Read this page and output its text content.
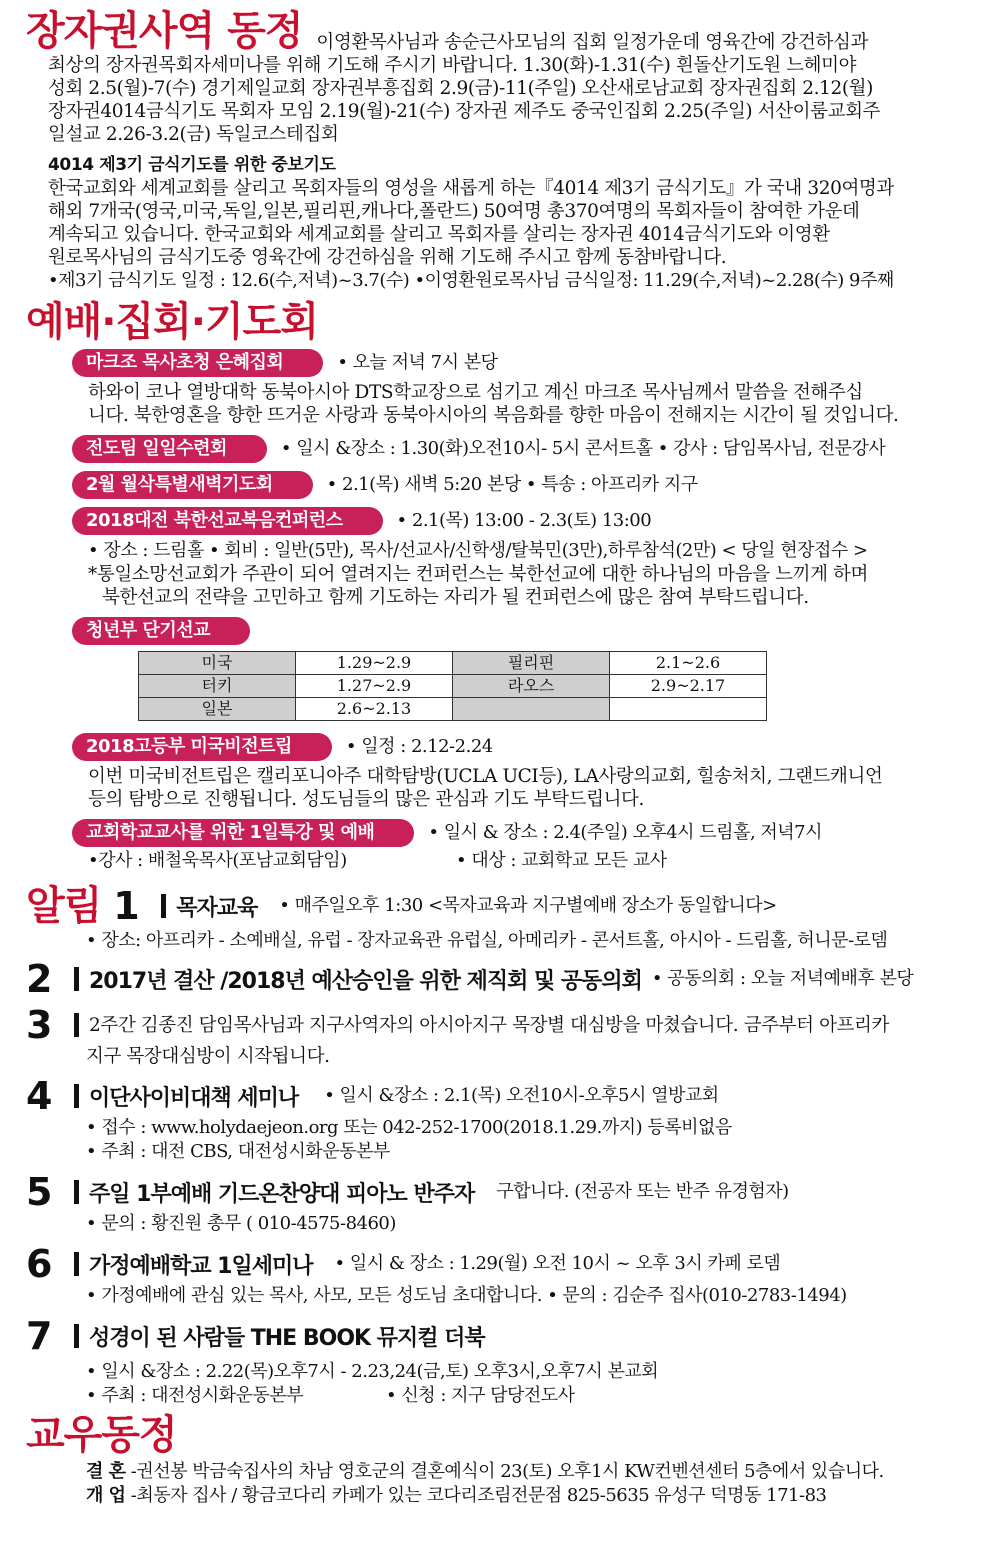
장자권사역 동정 이영환목사님과 송순근사모님의 집회 일정가운데 영육간에 강건하심과
최상의 장자권목회자세미나를 위해 기도해 주시기 바랍니다. 1.30(화)-1.31(수) 흰돌산기도원 느헤미야
성회 2.5(월)-7(수) 경기제일교회 장자권부흥집회 2.9(금)-11(주일) 오산새로남교회 장자권집회 2.12(월)
장자권4014금식기도 목회자 모임 2.19(월)-21(수) 장자권 제주도 중국인집회 2.25(주일) 서산이룸교회주
일설교 2.26-3.2(금) 독일코스테집회
4014 제3기 금식기도를 위한 중보기도
한국교회와 세계교회를 살리고 목회자들의 영성을 새롭게 하는『4014 제3기 금식기도』가 국내 320여명과
해외 7개국(영국,미국,독일,일본,필리핀,캐나다,폴란드) 50여명 총370여명의 목회자들이 참여한 가운데
계속되고 있습니다. 한국교회와 세계교회를 살리고 목회자를 살리는 장자권 4014금식기도와 이영환
원로목사님의 금식기도중 영육간에 강건하심을 위해 기도해 주시고 함께 동참바랍니다.
•제3기 금식기도 일정 : 12.6(수,저녁)~3.7(수) •이영환원로목사님 금식일정: 11.29(수,저녁)~2.28(수) 9주째
예배·집회·기도회
마크조 목사초청 은혜집회	• 오늘 저녁 7시 본당
하와이 코나 열방대학 동북아시아 DTS학교장으로 섬기고 계신 마크조 목사님께서 말씀을 전해주십
니다. 북한영혼을 향한 뜨거운 사랑과 동북아시아의 복음화를 향한 마음이 전해지는 시간이 될 것입니다.
전도팀 일일수련회	• 일시 &장소 : 1.30(화)오전10시- 5시 콘서트홀 • 강사 : 담임목사님, 전문강사
2월 월삭특별새벽기도회	• 2.1(목) 새벽 5:20 본당 • 특송 : 아프리카 지구
2018대전 북한선교복음컨퍼런스	• 2.1(목) 13:00 - 2.3(토) 13:00
• 장소 : 드림홀 • 회비 : 일반(5만), 목사/선교사/신학생/탈북민(3만),하루참석(2만) < 당일 현장접수 >
*통일소망선교회가 주관이 되어 열려지는 컨퍼런스는 북한선교에 대한 하나님의 마음을 느끼게 하며
북한선교의 전략을 고민하고 함께 기도하는 자리가 될 컨퍼런스에 많은 참여 부탁드립니다.
청년부 단기선교
미국	1.29~2.9	필리핀	2.1~2.6
터키	1.27~2.9	라오스	2.9~2.17
일본	2.6~2.13		
2018고등부 미국비전트립	• 일정 : 2.12-2.24
이번 미국비전트립은 캘리포니아주 대학탐방(UCLA UCI등), LA사랑의교회, 힐송처치, 그랜드캐니언
등의 탐방으로 진행됩니다. 성도님들의 많은 관심과 기도 부탁드립니다.
교회학교교사를 위한 1일특강 및 예배	• 일시 & 장소 : 2.4(주일) 오후4시 드림홀, 저녁7시
•강사 : 배철욱목사(포남교회담임)	• 대상 : 교회학교 모든 교사
알림 1	목자교육 • 매주일오후 1:30 <목자교육과 지구별예배 장소가 동일합니다>
• 장소: 아프리카 - 소예배실, 유럽 - 장자교육관 유럽실, 아메리카 - 콘서트홀, 아시아 - 드림홀, 허니문-로뎀
2	2017년 결산 /2018년 예산승인을 위한 제직회 및 공동의회 • 공동의회 : 오늘 저녁예배후 본당
3	2주간 김종진 담임목사님과 지구사역자의 아시아지구 목장별 대심방을 마쳤습니다. 금주부터 아프리카
지구 목장대심방이 시작됩니다.
4	이단사이비대책 세미나 • 일시 &장소 : 2.1(목) 오전10시-오후5시 열방교회
• 접수 : www.holydaejeon.org 또는 042-252-1700(2018.1.29.까지) 등록비없음
• 주최 : 대전 CBS, 대전성시화운동본부
5	주일 1부예배 기드온찬양대 피아노 반주자 구합니다. (전공자 또는 반주 유경험자)
• 문의 : 황진원 총무 ( 010-4575-8460)
6	가정예배학교 1일세미나 • 일시 & 장소 : 1.29(월) 오전 10시 ~ 오후 3시 카페 로뎀
• 가정예배에 관심 있는 목사, 사모, 모든 성도님 초대합니다. • 문의 : 김순주 집사(010-2783-1494)
7	성경이 된 사람들 THE BOOK 뮤지컬 더북
• 일시 &장소 : 2.22(목)오후7시 - 2.23,24(금,토) 오후3시,오후7시 본교회
• 주최 : 대전성시화운동본부	• 신청 : 지구 담당전도사
교우동정
결 혼 -권선봉 박금숙집사의 차남 영호군의 결혼예식이 23(토) 오후1시 KW컨벤션센터 5층에서 있습니다.
개 업 -최동자 집사 / 황금코다리 카페가 있는 코다리조림전문점 825-5635 유성구 덕명동 171-83
